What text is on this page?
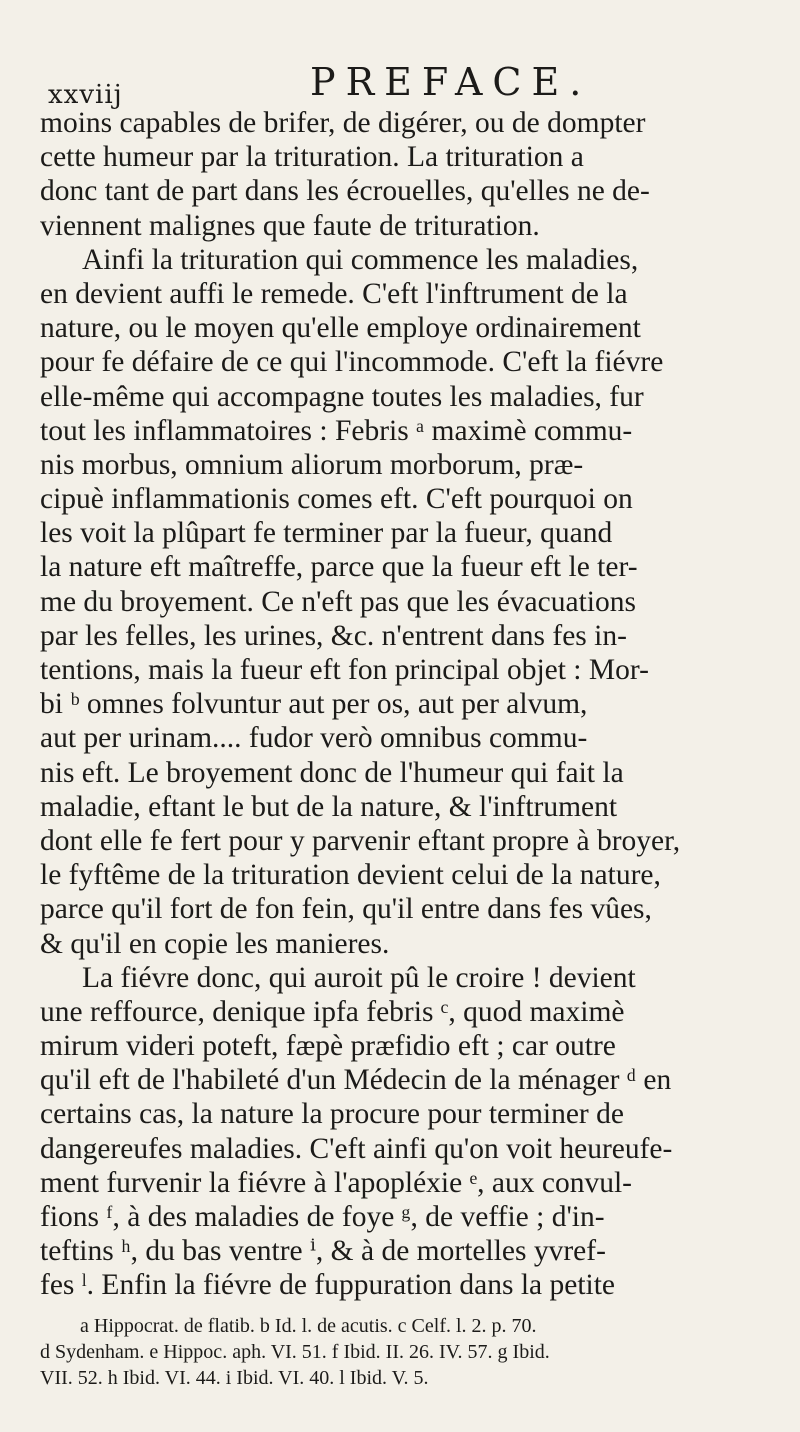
xxviij	PREFACE.
moins capables de brifer, de digérer, ou de dompter
cette humeur par la trituration. La trituration a
donc tant de part dans les écrouelles, qu'elles ne de-
viennent malignes que faute de trituration.
Ainfi la trituration qui commence les maladies,
en devient auffi le remede. C'eft l'inftrument de la
nature, ou le moyen qu'elle employe ordinairement
pour fe défaire de ce qui l'incommode. C'eft la fiévre
elle-même qui accompagne toutes les maladies, fur
tout les inflammatoires : Febris ᵃ maximè commu-
nis morbus, omnium aliorum morborum, præ-
cipuè inflammationis comes eft. C'eft pourquoi on
les voit la plûpart fe terminer par la fueur, quand
la nature eft maîtreffe, parce que la fueur eft le ter-
me du broyement. Ce n'eft pas que les évacuations
par les felles, les urines, &c. n'entrent dans fes in-
tentions, mais la fueur eft fon principal objet : Mor-
bi ᵇ omnes folvuntur aut per os, aut per alvum,
aut per urinam.... fudor verò omnibus commu-
nis eft. Le broyement donc de l'humeur qui fait la
maladie, eftant le but de la nature, & l'inftrument
dont elle fe fert pour y parvenir eftant propre à broyer,
le fyftême de la trituration devient celui de la nature,
parce qu'il fort de fon fein, qu'il entre dans fes vûes,
& qu'il en copie les manieres.
La fiévre donc, qui auroit pû le croire ! devient
une reffource, denique ipfa febris ᶜ, quod maximè
mirum videri poteft, fæpè præfidio eft ; car outre
qu'il eft de l'habileté d'un Médecin de la ménager ᵈ en
certains cas, la nature la procure pour terminer de
dangereufes maladies. C'eft ainfi qu'on voit heureufe-
ment furvenir la fiévre à l'apopléxie ᵉ, aux convul-
fions ᶠ, à des maladies de foye ᵍ, de veffie ; d'in-
teftins ʰ, du bas ventre ⁱ, & à de mortelles yvref-
fes ˡ. Enfin la fiévre de fuppuration dans la petite
a Hippocrat. de flatib. b Id. l. de acutis. c Celf. l. 2. p. 70.
d Sydenham. e Hippoc. aph. VI. 51. f Ibid. II. 26. IV. 57. g Ibid.
VII. 52. h Ibid. VI. 44. i Ibid. VI. 40. l Ibid. V. 5.
